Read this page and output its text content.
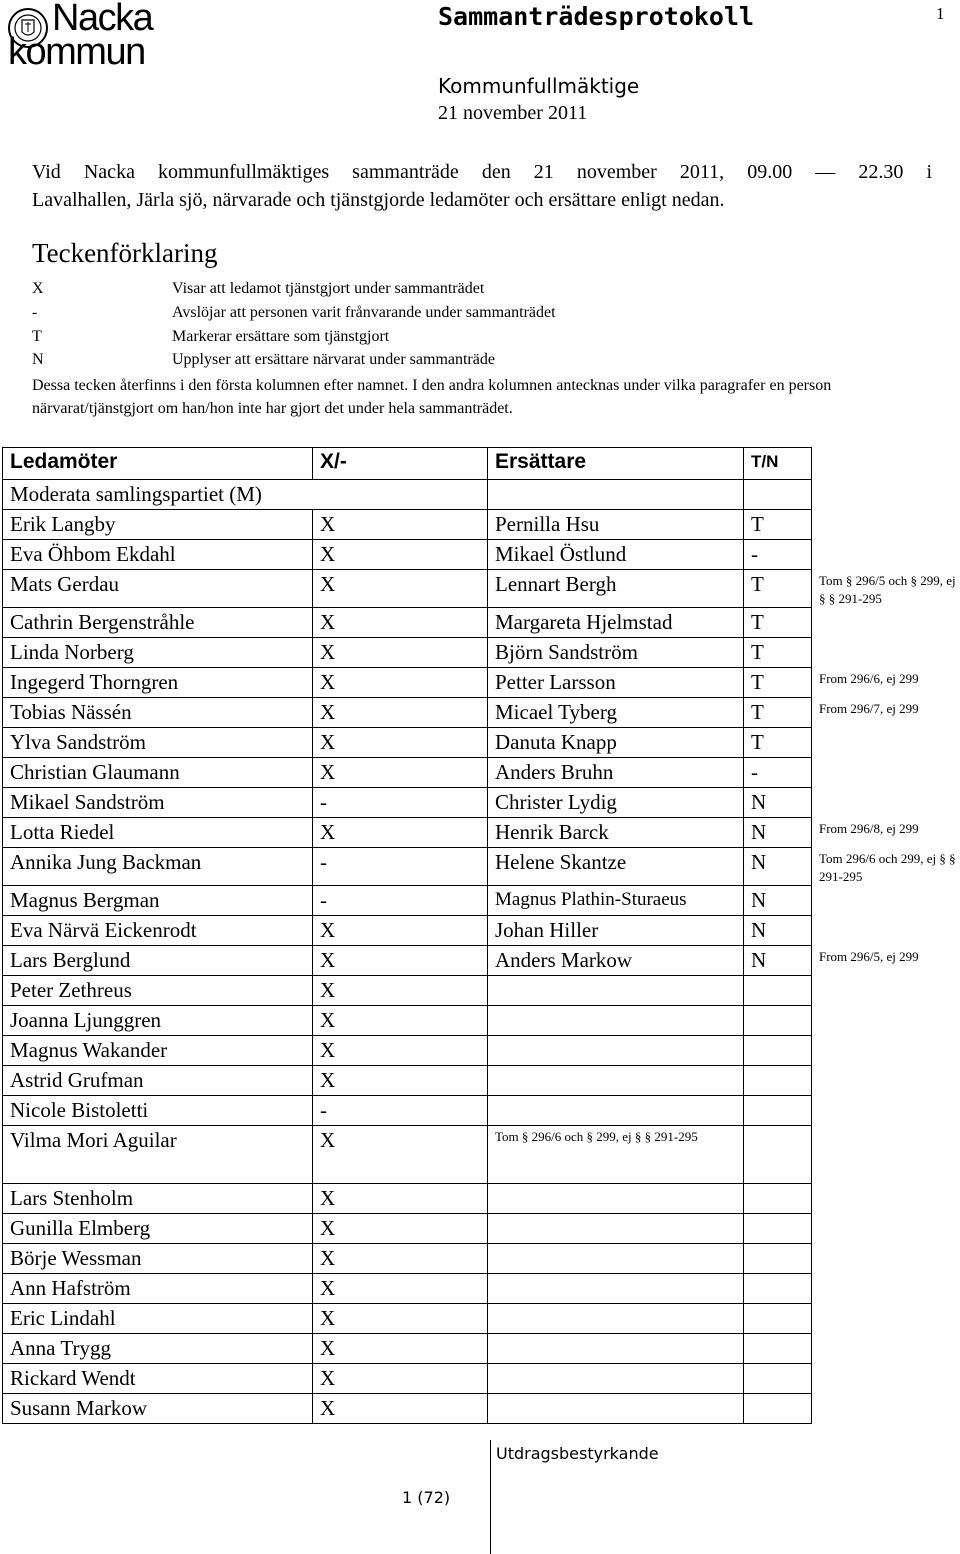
Nacka
kommun
Sammanträdesprotokoll	1
Kommunfullmäktige
21 november 2011
Vid Nacka kommunfullmäktiges sammanträde den 21 november 2011, 09.00 — 22.30 i
Lavalhallen, Järla sjö, närvarade och tjänstgjorde ledamöter och ersättare enligt nedan.
Teckenförklaring
X	Visar att ledamot tjänstgjort under sammanträdet
-	Avslöjar att personen varit frånvarande under sammanträdet
T	Markerar ersättare som tjänstgjort
N	Upplyser att ersättare närvarat under sammanträde
Dessa tecken återfinns i den första kolumnen efter namnet. I den andra kolumnen antecknas under vilka paragrafer en person närvarat/tjänstgjort om han/hon inte har gjort det under hela sammanträdet.
Ledamöter	X/-	Ersättare	T/N	
Moderata samlingspartiet (M)				
Erik Langby	X	Pernilla Hsu	T	
Eva Öhbom Ekdahl	X	Mikael Östlund	-	
Mats Gerdau	X	Lennart Bergh	T	Tom § 296/5 och § 299, ej § § 291-295
Cathrin Bergenstråhle	X	Margareta Hjelmstad	T	
Linda Norberg	X	Björn Sandström	T	
Ingegerd Thorngren	X	Petter Larsson	T	From 296/6, ej 299
Tobias Nässén	X	Micael Tyberg	T	From 296/7, ej 299
Ylva Sandström	X	Danuta Knapp	T	
Christian Glaumann	X	Anders Bruhn	-	
Mikael Sandström	-	Christer Lydig	N	
Lotta Riedel	X	Henrik Barck	N	From 296/8, ej 299
Annika Jung Backman	-	Helene Skantze	N	Tom 296/6 och 299, ej § § 291-295
Magnus Bergman	-	Magnus Plathin-Sturaeus	N	
Eva Närvä Eickenrodt	X	Johan Hiller	N	
Lars Berglund	X	Anders Markow	N	From 296/5, ej 299
Peter Zethreus	X			
Joanna Ljunggren	X			
Magnus Wakander	X			
Astrid Grufman	X			
Nicole Bistoletti	-			
Vilma Mori Aguilar	X	Tom § 296/6 och § 299, ej § § 291-295		
Lars Stenholm	X			
Gunilla Elmberg	X			
Börje Wessman	X			
Ann Hafström	X			
Eric Lindahl	X			
Anna Trygg	X			
Rickard Wendt	X			
Susann Markow	X			
Utdragsbestyrkande
1 (72)
